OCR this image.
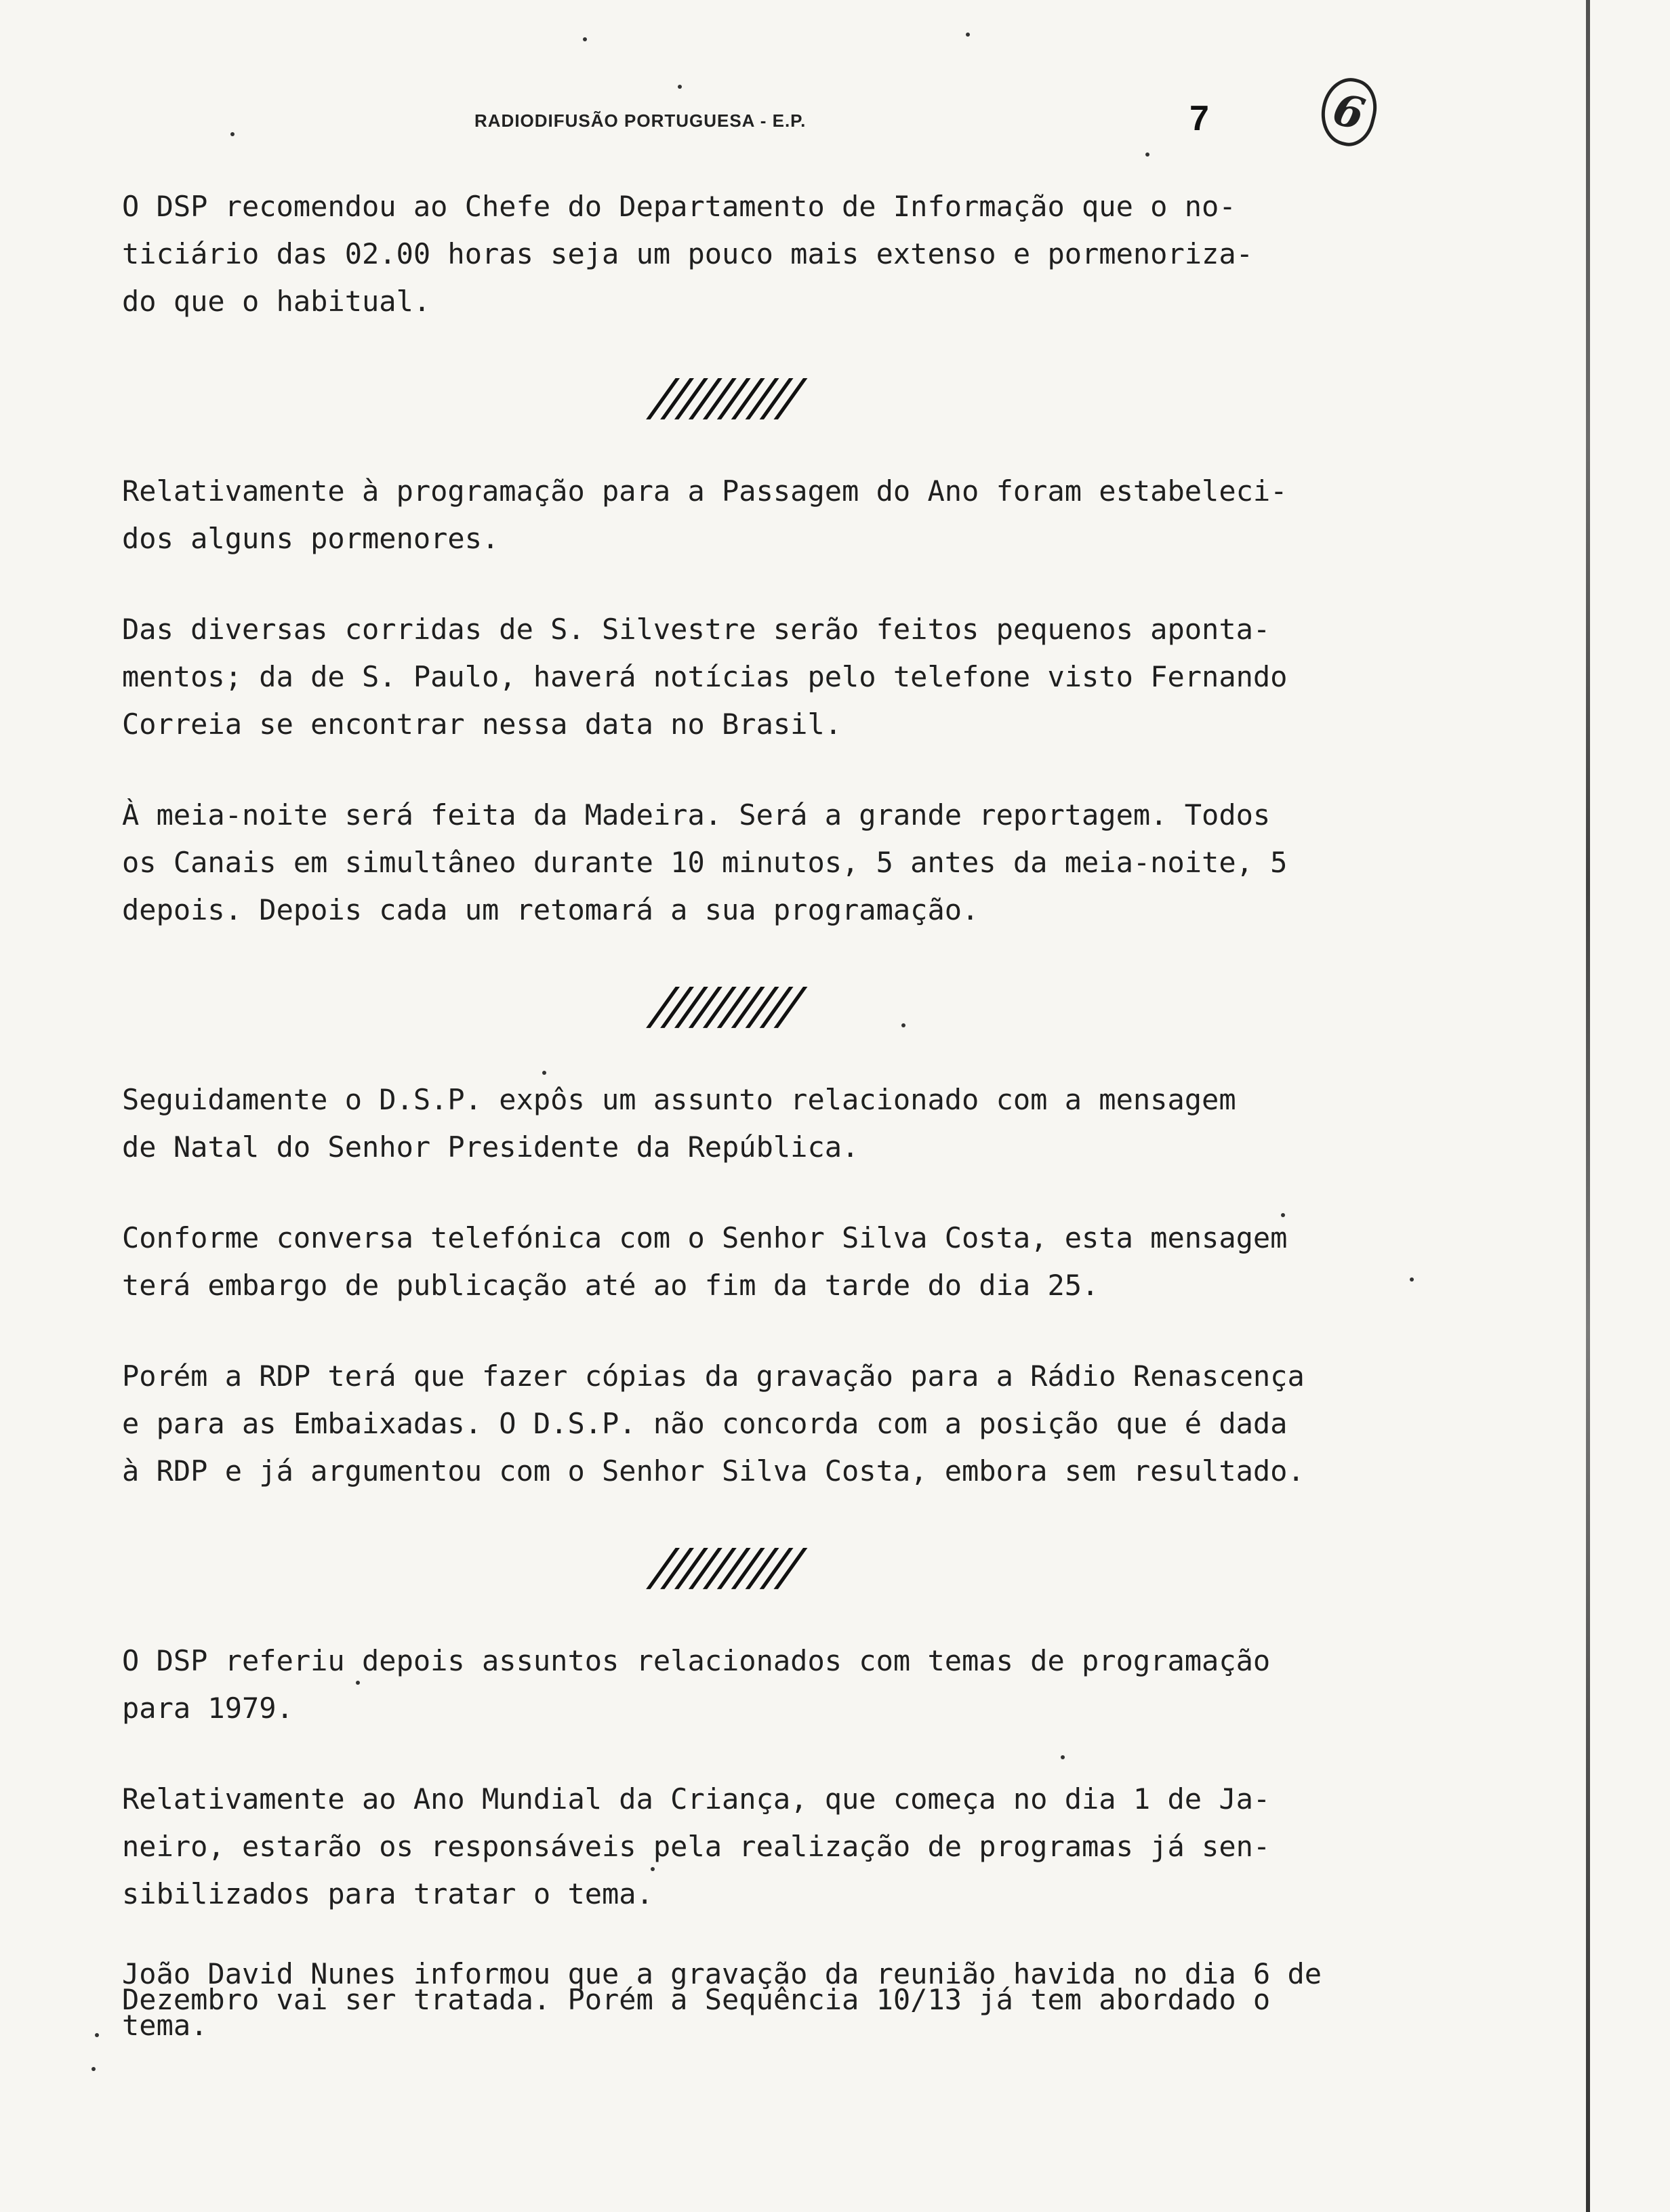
RADIODIFUSÃO PORTUGUESA - E.P.	7	6

O DSP recomendou ao Chefe do Departamento de Informação que o no-
ticiário das 02.00 horas seja um pouco mais extenso e pormenoriza-
do que o habitual.

//////////

Relativamente à programação para a Passagem do Ano foram estabeleci-
dos alguns pormenores.

Das diversas corridas de S. Silvestre serão feitos pequenos aponta-
mentos; da de S. Paulo, haverá notícias pelo telefone visto Fernando
Correia se encontrar nessa data no Brasil.

À meia-noite será feita da Madeira. Será a grande reportagem. Todos
os Canais em simultâneo durante 10 minutos, 5 antes da meia-noite, 5
depois. Depois cada um retomará a sua programação.

//////////

Seguidamente o D.S.P. expôs um assunto relacionado com a mensagem
de Natal do Senhor Presidente da República.

Conforme conversa telefónica com o Senhor Silva Costa, esta mensagem
terá embargo de publicação até ao fim da tarde do dia 25.

Porém a RDP terá que fazer cópias da gravação para a Rádio Renascença
e para as Embaixadas. O D.S.P. não concorda com a posição que é dada
à RDP e já argumentou com o Senhor Silva Costa, embora sem resultado.

//////////

O DSP referiu depois assuntos relacionados com temas de programação
para 1979.

Relativamente ao Ano Mundial da Criança, que começa no dia 1 de Ja-
neiro, estarão os responsáveis pela realização de programas já sen-
sibilizados para tratar o tema.

João David Nunes informou que a gravação da reunião havida no dia 6 de
Dezembro vai ser tratada. Porém a Sequência 10/13 já tem abordado o tema.
